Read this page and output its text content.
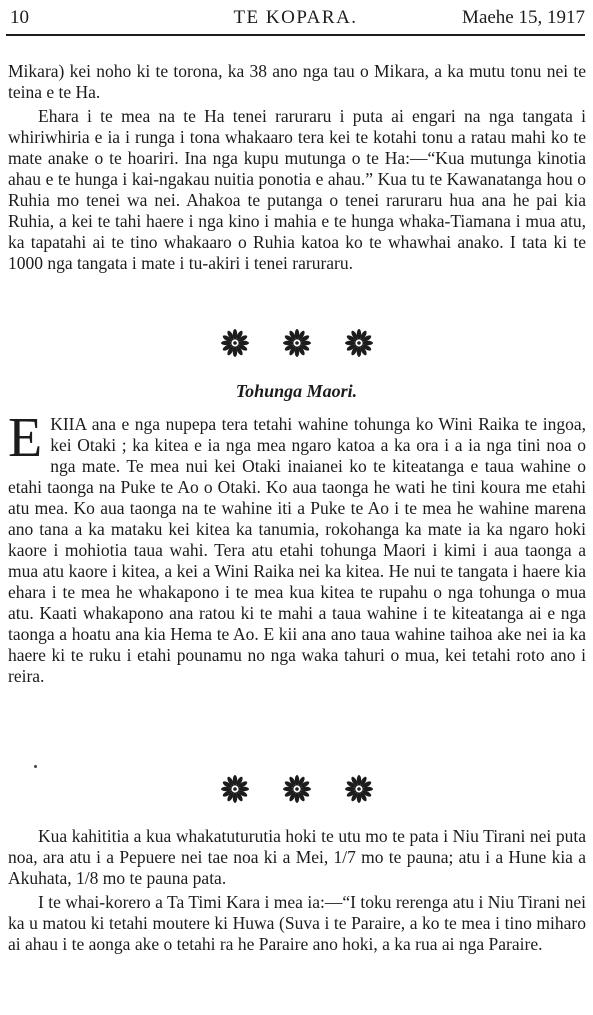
10	TE KOPARA.	Maehe 15, 1917

Mikara) kei noho ki te torona, ka 38 ano nga tau o Mikara, a ka mutu tonu nei te teina e te Ha.

Ehara i te mea na te Ha tenei raruraru i puta ai engari na nga tangata i whiriwhiria e ia i runga i tona whakaaro tera kei te kotahi tonu a ratau mahi ko te mate anake o te hoariri. Ina nga kupu mutunga o te Ha:—“Kua mutunga kinotia ahau e te hunga i kai-ngakau nuitia ponotia e ahau.” Kua tu te Kawanatanga hou o Ruhia mo tenei wa nei. Ahakoa te putanga o tenei raruraru hua ana he pai kia Ruhia, a kei te tahi haere i nga kino i mahia e te hunga whaka-Tiamana i mua atu, ka tapatahi ai te tino whakaaro o Ruhia katoa ko te whawhai anako. I tata ki te 1000 nga tangata i mate i tu-akiri i tenei raruraru.

Tohunga Maori.

EKIIA ana e nga nupepa tera tetahi wahine tohunga ko Wini Raika te ingoa, kei Otaki ; ka kitea e ia nga mea ngaro katoa a ka ora i a ia nga tini noa o nga mate. Te mea nui kei Otaki inaianei ko te kiteatanga e taua wahine o etahi taonga na Puke te Ao o Otaki. Ko aua taonga he wati he tini koura me etahi atu mea. Ko aua taonga na te wahine iti a Puke te Ao i te mea he wahine marena ano tana a ka mataku kei kitea ka tanumia, rokohanga ka mate ia ka ngaro hoki kaore i mohiotia taua wahi. Tera atu etahi tohunga Maori i kimi i aua taonga a mua atu kaore i kitea, a kei a Wini Raika nei ka kitea. He nui te tangata i haere kia ehara i te mea he whakapono i te mea kua kitea te rupahu o nga tohunga o mua atu. Kaati whakapono ana ratou ki te mahi a taua wahine i te kiteatanga ai e nga taonga a hoatu ana kia Hema te Ao. E kii ana ano taua wahine taihoa ake nei ia ka haere ki te ruku i etahi pounamu no nga waka tahuri o mua, kei tetahi roto ano i reira.

Kua kahititia a kua whakatuturutia hoki te utu mo te pata i Niu Tirani nei puta noa, ara atu i a Pepuere nei tae noa ki a Mei, 1/7 mo te pauna; atu i a Hune kia a Akuhata, 1/8 mo te pauna pata.

I te whai-korero a Ta Timi Kara i mea ia:—“I toku rerenga atu i Niu Tirani nei ka u matou ki tetahi moutere ki Huwa (Suva i te Paraire, a ko te mea i tino miharo ai ahau i te aonga ake o tetahi ra he Paraire ano hoki, a ka rua ai nga Paraire.
